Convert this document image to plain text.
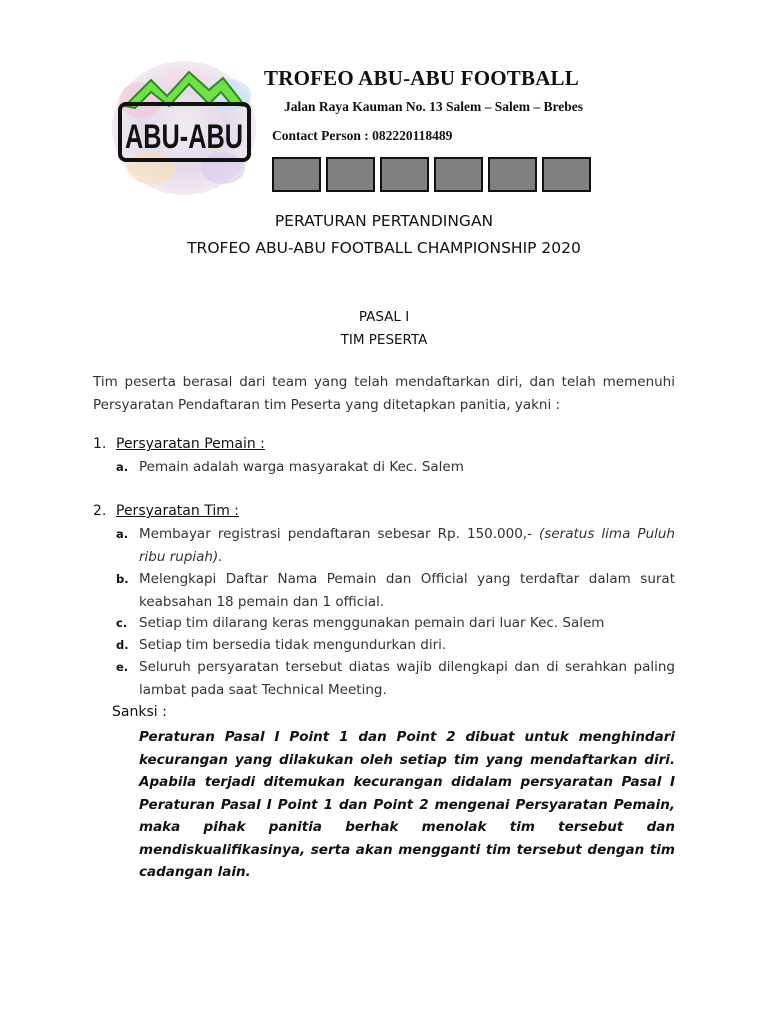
ABU-ABU
TROFEO ABU-ABU FOOTBALL
Jalan Raya Kauman No. 13 Salem – Salem – Brebes
Contact Person : 082220118489
PERATURAN PERTANDINGAN
TROFEO ABU-ABU FOOTBALL CHAMPIONSHIP 2020
PASAL I
TIM PESERTA
Tim peserta berasal dari team yang telah mendaftarkan diri, dan telah memenuhi Persyaratan Pendaftaran tim Peserta yang ditetapkan panitia, yakni :
1. Persyaratan Pemain :
a. Pemain adalah warga masyarakat di Kec. Salem
2. Persyaratan Tim :
a. Membayar registrasi pendaftaran sebesar Rp. 150.000,- (seratus lima Puluh ribu rupiah).
b. Melengkapi Daftar Nama Pemain dan Official yang terdaftar dalam surat keabsahan 18 pemain dan 1 official.
c. Setiap tim dilarang keras menggunakan pemain dari luar Kec. Salem
d. Setiap tim bersedia tidak mengundurkan diri.
e. Seluruh persyaratan tersebut diatas wajib dilengkapi dan di serahkan paling lambat pada saat Technical Meeting.
Sanksi :
Peraturan Pasal I Point 1 dan Point 2 dibuat untuk menghindari kecurangan yang dilakukan oleh setiap tim yang mendaftarkan diri. Apabila terjadi ditemukan kecurangan didalam persyaratan Pasal I Peraturan Pasal I Point 1 dan Point 2 mengenai Persyaratan Pemain, maka pihak panitia berhak menolak tim tersebut dan mendiskualifikasinya, serta akan mengganti tim tersebut dengan tim cadangan lain.
